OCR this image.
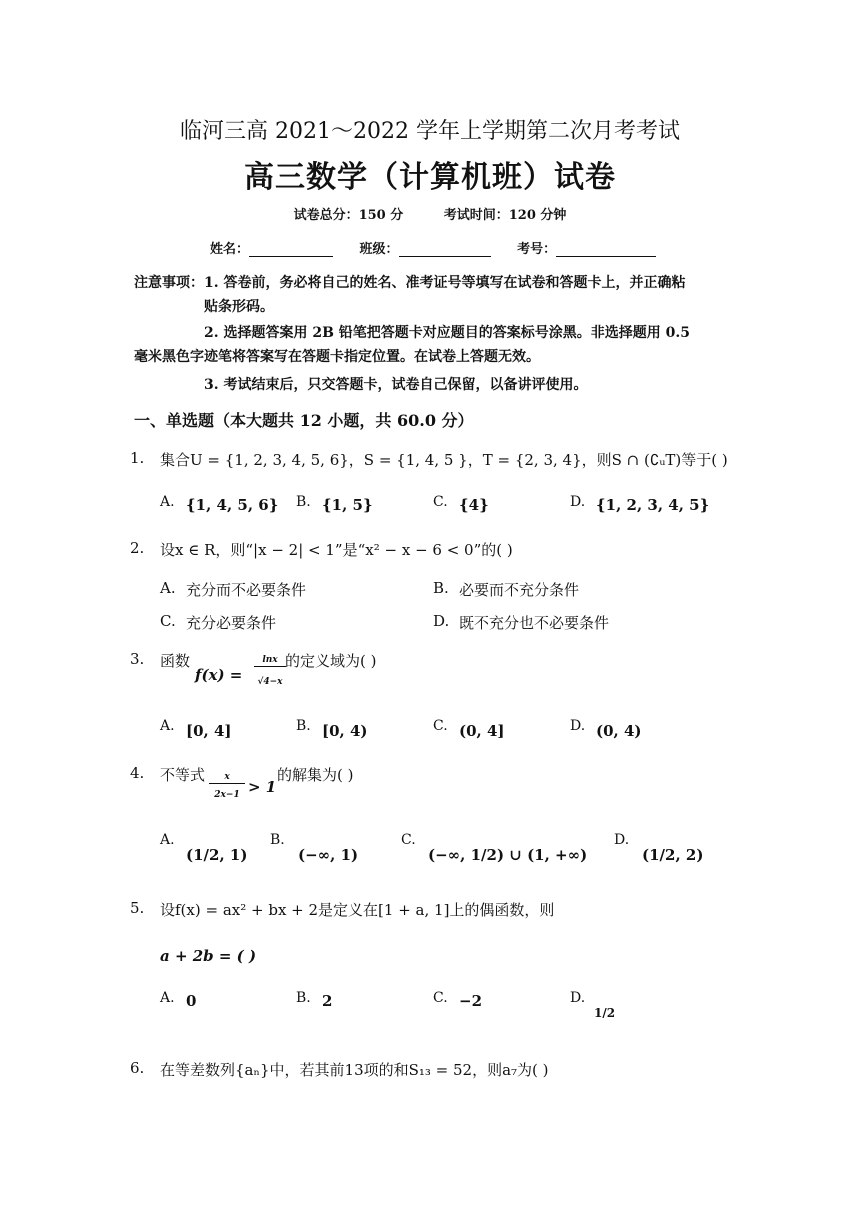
临河三高 2021～2022 学年上学期第二次月考考试
高三数学（计算机班）试卷
试卷总分：150 分	考试时间：120 分钟
姓名：	班级：	考号：
注意事项：1. 答卷前，务必将自己的姓名、准考证号等填写在试卷和答题卡上，并正确粘
贴条形码。
2. 选择题答案用 2B 铅笔把答题卡对应题目的答案标号涂黑。非选择题用 0.5
毫米黑色字迹笔将答案写在答题卡指定位置。在试卷上答题无效。
3. 考试结束后，只交答题卡，试卷自己保留，以备讲评使用。
一、单选题（本大题共 12 小题，共 60.0 分）
1. 集合U = {1, 2, 3, 4, 5, 6}，S = {1, 4, 5 }，T = {2, 3, 4}，则S ∩ (∁ᵤT)等于( )
A. {1, 4, 5, 6} B. {1, 5}	C. {4}	D. {1, 2, 3, 4, 5}
2. 设x ∈ R，则“|x − 2| < 1”是“x² − x − 6 < 0”的( )
A. 充分而不必要条件	B. 必要而不充分条件
C. 充分必要条件	D. 既不充分也不必要条件
3. 函数
f(x) =
lnx
√4−x
的定义域为( )
A. [0, 4]	B. [0, 4)	C. (0, 4]	D. (0, 4)
4. 不等式	x
2x−1 > 1
的解集为( )
A.
(1/2, 1)
B.
(−∞, 1)
C.
(−∞, 1/2) ∪ (1, +∞)
D.
(1/2, 2)
5. 设f(x) = ax² + bx + 2是定义在[1 + a, 1]上的偶函数，则
a + 2b = ( )
A. 0	B. 2	C. −2	D.
1/2
6. 在等差数列{aₙ}中，若其前13项的和S₁₃ = 52，则a₇为( )
